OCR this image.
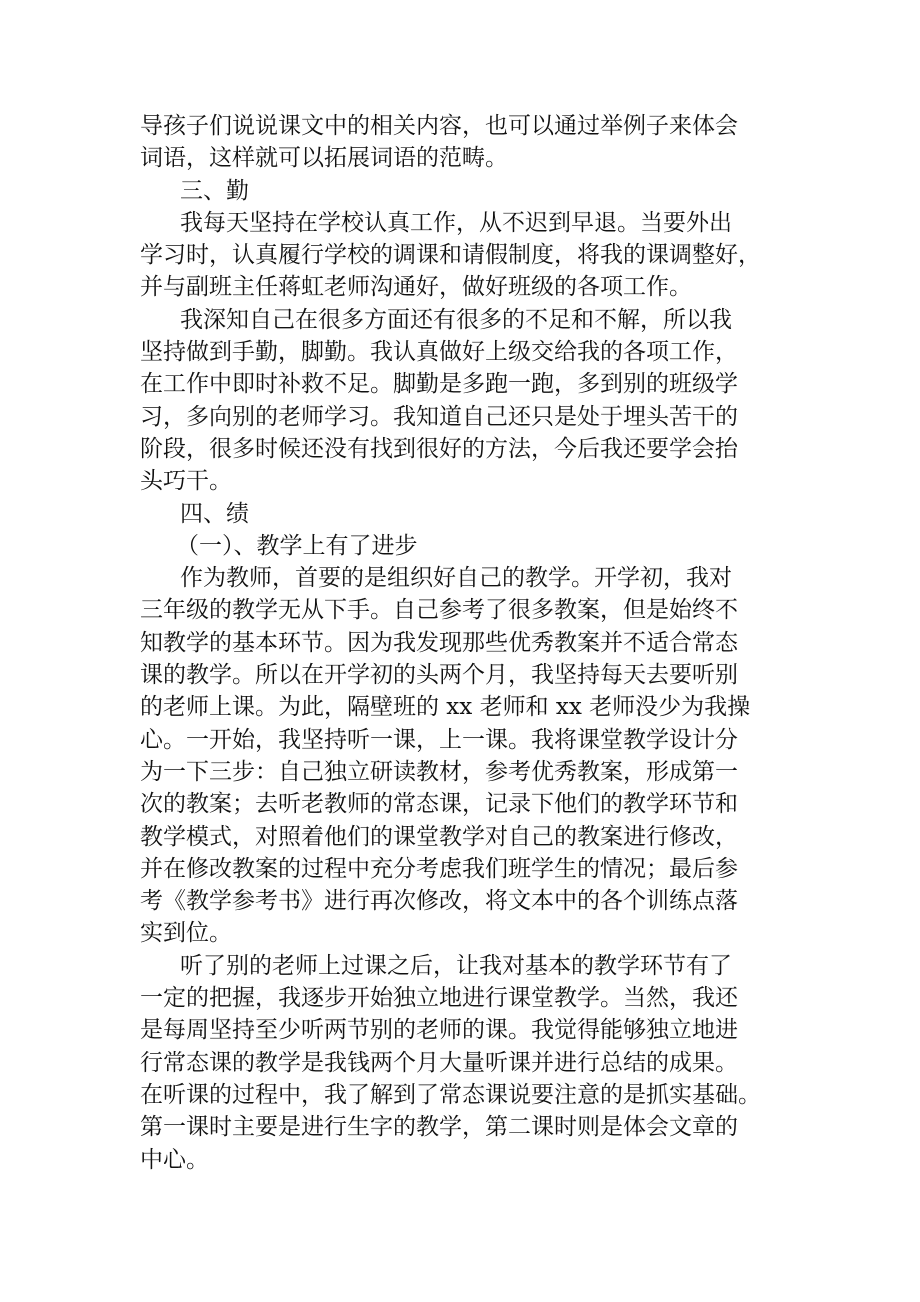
导孩子们说说课文中的相关内容，也可以通过举例子来体会
词语，这样就可以拓展词语的范畴。
三、勤
我每天坚持在学校认真工作，从不迟到早退。当要外出
学习时，认真履行学校的调课和请假制度，将我的课调整好，
并与副班主任蒋虹老师沟通好，做好班级的各项工作。
我深知自己在很多方面还有很多的不足和不解，所以我
坚持做到手勤，脚勤。我认真做好上级交给我的各项工作，
在工作中即时补救不足。脚勤是多跑一跑，多到别的班级学
习，多向别的老师学习。我知道自己还只是处于埋头苦干的
阶段，很多时候还没有找到很好的方法，今后我还要学会抬
头巧干。
四、绩
（一）、教学上有了进步
作为教师，首要的是组织好自己的教学。开学初，我对
三年级的教学无从下手。自己参考了很多教案，但是始终不
知教学的基本环节。因为我发现那些优秀教案并不适合常态
课的教学。所以在开学初的头两个月，我坚持每天去要听别
的老师上课。为此，隔壁班的 xx 老师和 xx 老师没少为我操
心。一开始，我坚持听一课，上一课。我将课堂教学设计分
为一下三步：自己独立研读教材，参考优秀教案，形成第一
次的教案；去听老教师的常态课，记录下他们的教学环节和
教学模式，对照着他们的课堂教学对自己的教案进行修改，
并在修改教案的过程中充分考虑我们班学生的情况；最后参
考《教学参考书》进行再次修改，将文本中的各个训练点落
实到位。
听了别的老师上过课之后，让我对基本的教学环节有了
一定的把握，我逐步开始独立地进行课堂教学。当然，我还
是每周坚持至少听两节别的老师的课。我觉得能够独立地进
行常态课的教学是我钱两个月大量听课并进行总结的成果。
在听课的过程中，我了解到了常态课说要注意的是抓实基础。
第一课时主要是进行生字的教学，第二课时则是体会文章的
中心。
